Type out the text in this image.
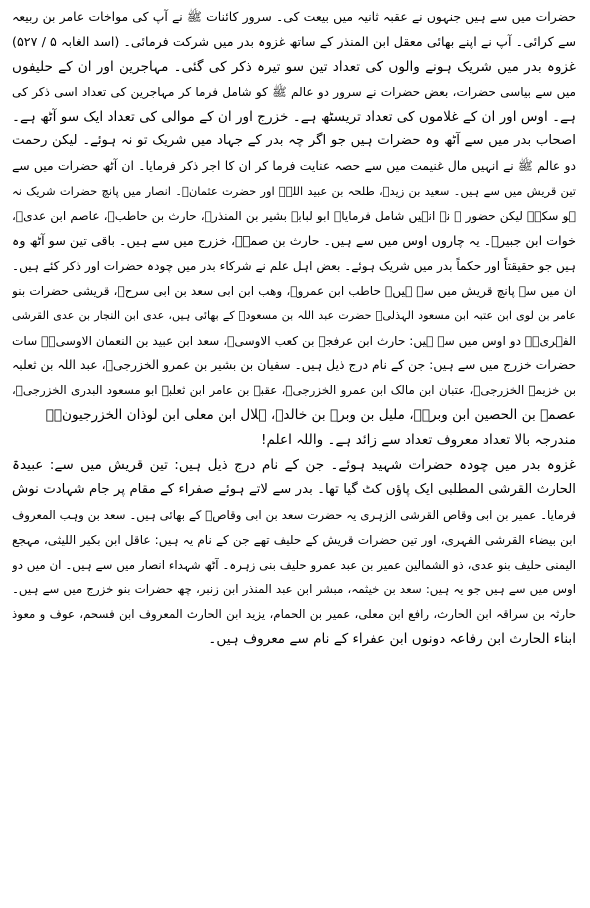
حضرات میں سے ہیں جنہوں نے عقبہ ثانیہ میں بیعت کی۔ سرور کائنات ﷺ نے آپ کی مواخات عامر بن ربیعہ
سے کرائی۔ آپ نے اپنے بھائی معقل ابن المنذر کے ساتھ غزوہ بدر میں شرکت فرمائی۔ (اسد الغابہ ۵ / ۵۲۷)
غزوہ بدر میں شریک ہونے والوں کی تعداد تین سو تیرہ ذکر کی گئی۔ مہاجرین اور ان کے حلیفوں
میں سے بیاسی حضرات، بعض حضرات نے سرور دو عالم ﷺ کو شامل فرما کر مہاجرین کی تعداد اسی ذکر کی
ہے۔ اوس اور ان کے غلاموں کی تعداد تریسٹھ ہے۔ خزرج اور ان کے موالی کی تعداد ایک سو آٹھ ہے۔
اصحاب بدر میں سے آٹھ وہ حضرات ہیں جو اگر چہ بدر کے جہاد میں شریک تو نہ ہوئے۔ لیکن رحمت
دو عالم ﷺ نے انہیں مال غنیمت میں سے حصہ عنایت فرما کر ان کا اجر ذکر فرمایا۔ ان آٹھ حضرات میں سے
تین قریش میں سے ہیں۔ سعید بن زیدؓ، طلحہ بن عبید اللہؓ اور حضرت عثمانؓ۔ انصار میں پانچ حضرات شریک نہ
ہو سکے۔ لیکن حضور ﷺ نے انہیں شامل فرمایا۔ ابو لبابہ بشیر بن المنذرؓ، حارث بن حاطبؓ، عاصم ابن عدیؓ،
خوات ابن جبیرؓ۔ یہ چاروں اوس میں سے ہیں۔ حارث بن صمہؓ، خزرج میں سے ہیں۔ باقی تین سو آٹھ وہ
ہیں جو حقیقتاً اور حکماً بدر میں شریک ہوئے۔ بعض اہل علم نے شرکاء بدر میں چودہ حضرات اور ذکر کئے ہیں۔
ان میں سے پانچ قریش میں سے ہیں۔ حاطب ابن عمروؓ، وھب ابن ابی سعد بن ابی سرحؓ، قریشی حضرات بنو
عامر بن لوی ابن عتبہ ابن مسعود الہذلیؓ حضرت عبد اللہ بن مسعودؓ کے بھائی ہیں، عدی ابن النجار بن عدی القرشی
الفہریؓ۔ دو اوس میں سے ہیں: حارث ابن عرفجہ بن کعب الاوسیؓ، سعد ابن عبید بن النعمان الاوسیؓ۔ سات
حضرات خزرج میں سے ہیں: جن کے نام درج ذیل ہیں۔ سفیان بن بشیر بن عمرو الخزرجیؓ، عبد اللہ بن ثعلبہ
بن خزیمہ الخزرجیؓ، عتبان ابن مالک ابن عمرو الخزرجیؓ، عقبہ بن عامر ابن ثعلبہ ابو مسعود البدری الخزرجیؓ،
عصمہ بن الحصین ابن وبرہؓ، ملیل بن وبرہ بن خالدؓ، ہلال ابن معلی ابن لوذان الخزرجیونؓ۔
مندرجہ بالا تعداد معروف تعداد سے زائد ہے۔ واللہ اعلم!
غزوہ بدر میں چودہ حضرات شہید ہوئے۔ جن کے نام درج ذیل ہیں: تین قریش میں سے: عبیدۃ
الحارث القرشی المطلبی ایک پاؤں کٹ گیا تھا۔ بدر سے لاتے ہوئے صفراء کے مقام پر جام شہادت نوش
فرمایا۔ عمیر بن ابی وقاص القرشی الزہری یہ حضرت سعد بن ابی وقاصؓ کے بھائی ہیں۔ سعد بن وہب المعروف
ابن بیضاء القرشی الفہری، اور تین حضرات قریش کے حلیف تھے جن کے نام یہ ہیں: عاقل ابن بکیر اللیثی، مہجع
الیمنی حلیف بنو عدی، ذو الشمالین عمیر بن عبد عمرو حلیف بنی زہرہ۔ آٹھ شہداء انصار میں سے ہیں۔ ان میں دو
اوس میں سے ہیں جو یہ ہیں: سعد بن خیثمہ، مبشر ابن عبد المنذر ابن زنبر، چھ حضرات بنو خزرج میں سے ہیں۔
حارثہ بن سراقہ ابن الحارث، رافع ابن معلی، عمیر بن الحمام، یزید ابن الحارث المعروف ابن فسحم، عوف و معوذ
ابناء الحارث ابن رفاعہ دونوں ابن عفراء کے نام سے معروف ہیں۔
